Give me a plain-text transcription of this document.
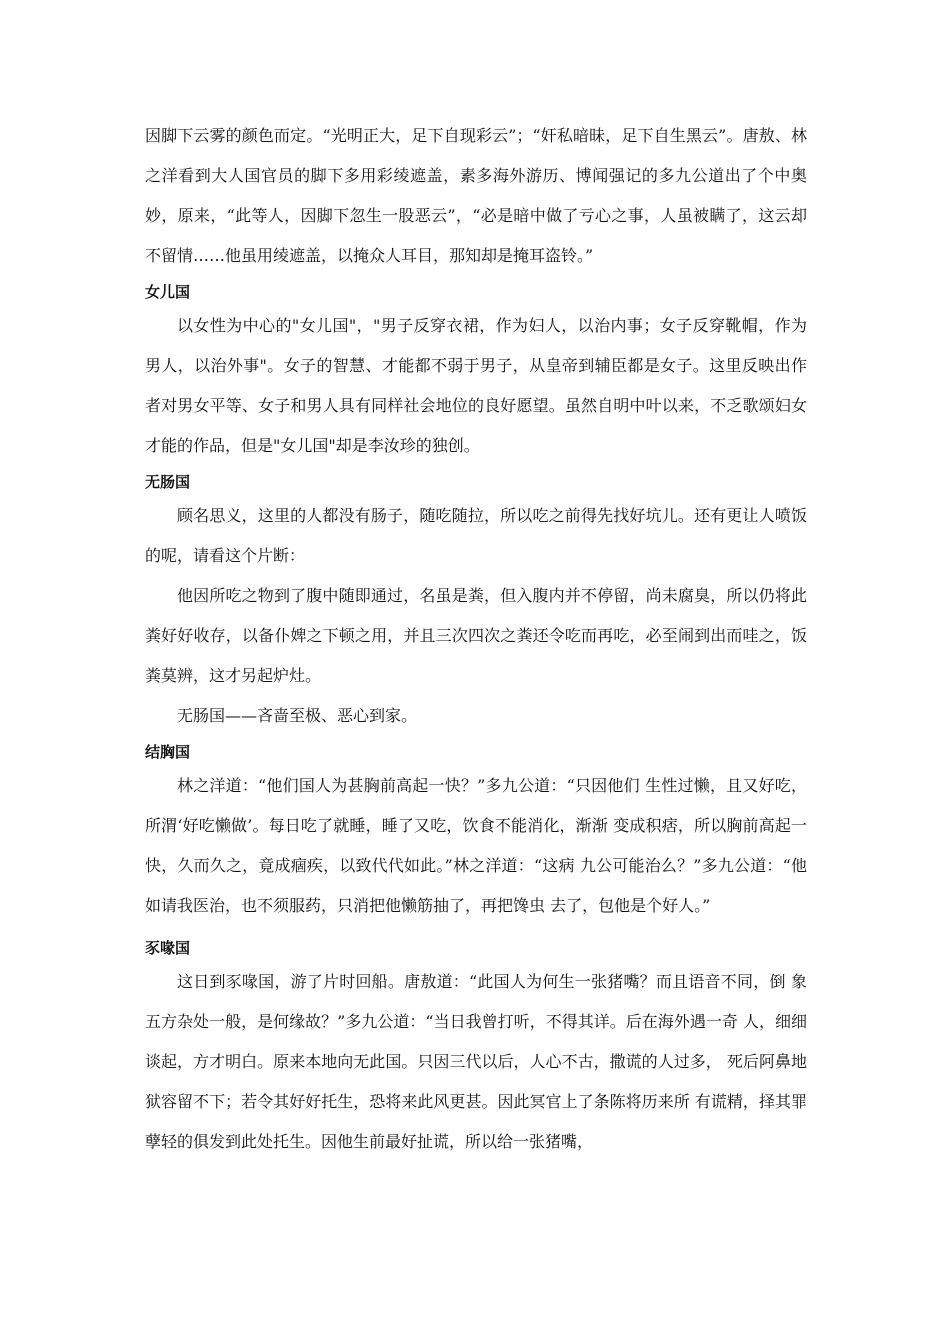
因脚下云雾的颜色而定。“光明正大，足下自现彩云”；“奸私暗昧，足下自生黑云”。唐敖、林之洋看到大人国官员的脚下多用彩绫遮盖，素多海外游历、博闻强记的多九公道出了个中奥妙，原来，“此等人，因脚下忽生一股恶云”，“必是暗中做了亏心之事，人虽被瞒了，这云却不留情……他虽用绫遮盖，以掩众人耳目，那知却是掩耳盗铃。”

女儿国

以女性为中心的"女儿国"，"男子反穿衣裙，作为妇人，以治内事；女子反穿靴帽，作为男人，以治外事"。女子的智慧、才能都不弱于男子，从皇帝到辅臣都是女子。这里反映出作者对男女平等、女子和男人具有同样社会地位的良好愿望。虽然自明中叶以来，不乏歌颂妇女才能的作品，但是"女儿国"却是李汝珍的独创。

无肠国

顾名思义，这里的人都没有肠子，随吃随拉，所以吃之前得先找好坑儿。还有更让人喷饭的呢，请看这个片断：

他因所吃之物到了腹中随即通过，名虽是粪，但入腹内并不停留，尚未腐臭，所以仍将此粪好好收存，以备仆婢之下顿之用，并且三次四次之粪还令吃而再吃，必至闹到出而哇之，饭粪莫辨，这才另起炉灶。

无肠国——吝啬至极、恶心到家。

结胸国

林之洋道：“他们国人为甚胸前高起一快？”多九公道：“只因他们 生性过懒，且又好吃，所渭‘好吃懒做’。每日吃了就睡，睡了又吃，饮食不能消化，渐渐 变成积痞，所以胸前高起一快，久而久之，竟成痼疾，以致代代如此。”林之洋道：“这病 九公可能治么？”多九公道：“他如请我医治，也不须服药，只消把他懒筋抽了，再把馋虫 去了，包他是个好人。”

豕喙国

这日到豕喙国，游了片时回船。唐敖道：“此国人为何生一张猪嘴？而且语音不同，倒 象五方杂处一般，是何缘故？”多九公道：“当日我曾打听，不得其详。后在海外遇一奇 人，细细谈起，方才明白。原来本地向无此国。只因三代以后，人心不古，撒谎的人过多， 死后阿鼻地狱容留不下；若令其好好托生，恐将来此风更甚。因此冥官上了条陈将历来所 有谎精，择其罪孽轻的俱发到此处托生。因他生前最好扯谎，所以给一张猪嘴，
